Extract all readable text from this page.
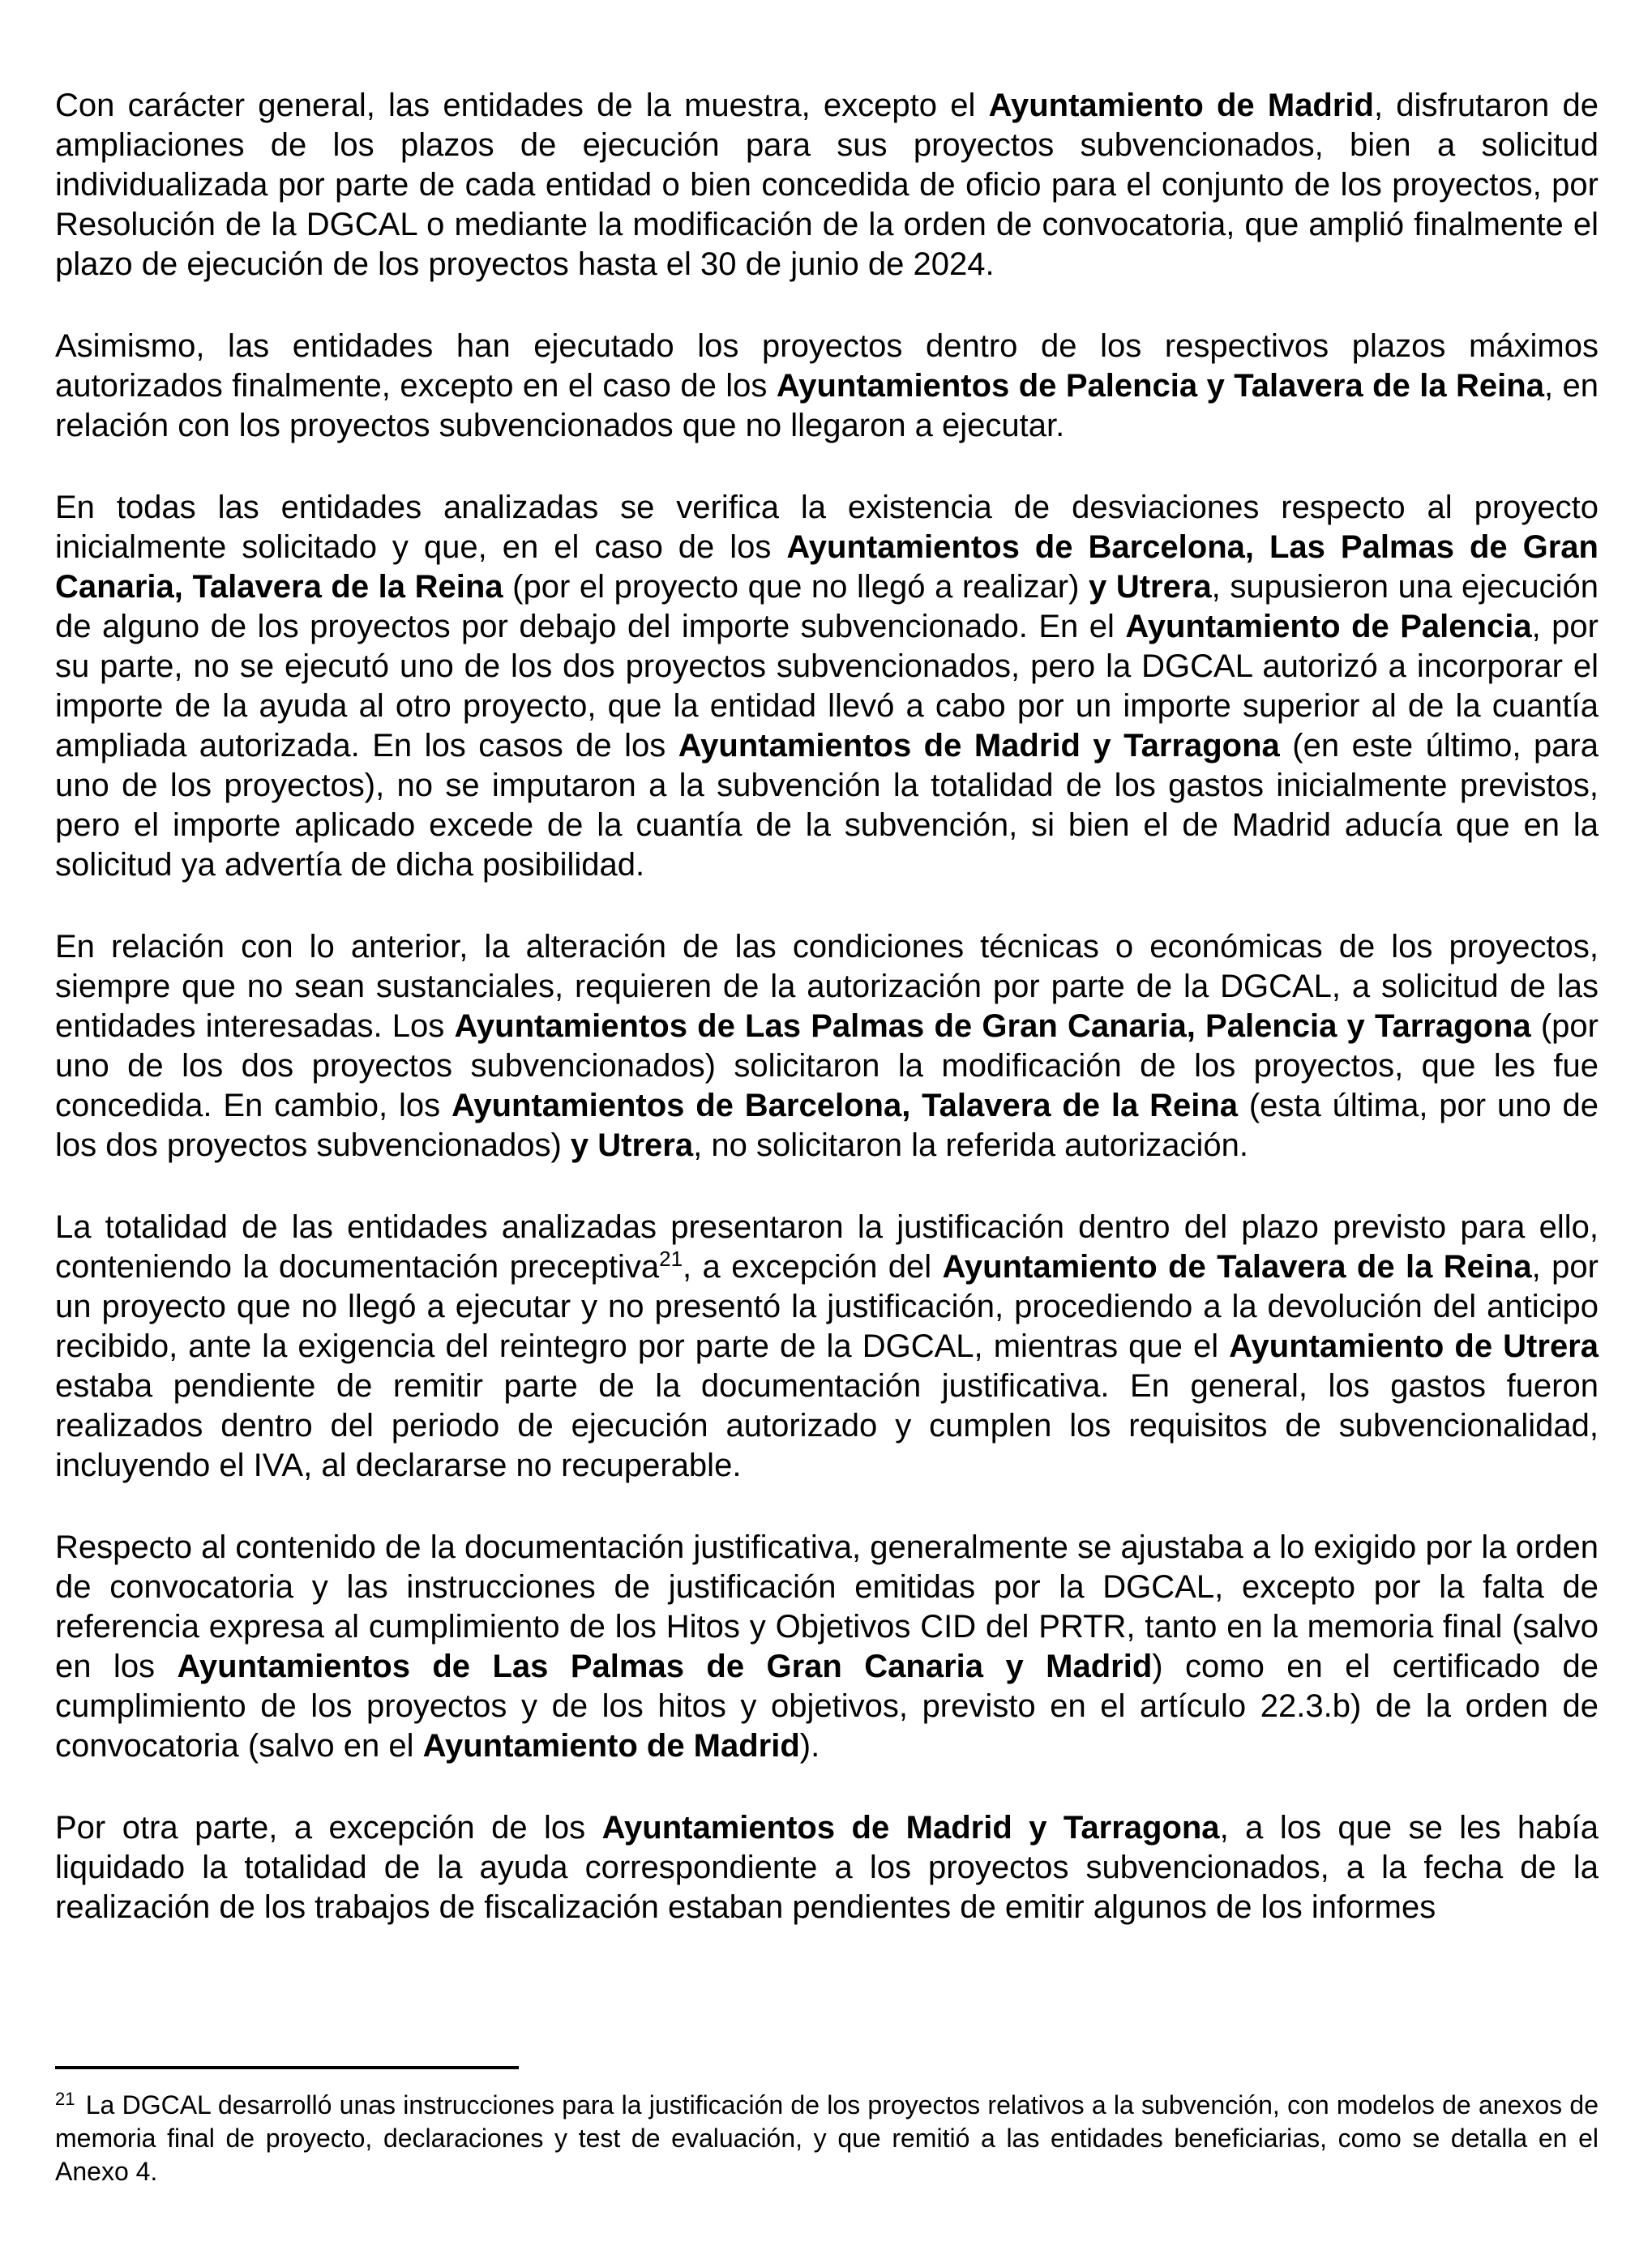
Con carácter general, las entidades de la muestra, excepto el Ayuntamiento de Madrid, disfrutaron de ampliaciones de los plazos de ejecución para sus proyectos subvencionados, bien a solicitud individualizada por parte de cada entidad o bien concedida de oficio para el conjunto de los proyectos, por Resolución de la DGCAL o mediante la modificación de la orden de convocatoria, que amplió finalmente el plazo de ejecución de los proyectos hasta el 30 de junio de 2024.

Asimismo, las entidades han ejecutado los proyectos dentro de los respectivos plazos máximos autorizados finalmente, excepto en el caso de los Ayuntamientos de Palencia y Talavera de la Reina, en relación con los proyectos subvencionados que no llegaron a ejecutar.

En todas las entidades analizadas se verifica la existencia de desviaciones respecto al proyecto inicialmente solicitado y que, en el caso de los Ayuntamientos de Barcelona, Las Palmas de Gran Canaria, Talavera de la Reina (por el proyecto que no llegó a realizar) y Utrera, supusieron una ejecución de alguno de los proyectos por debajo del importe subvencionado. En el Ayuntamiento de Palencia, por su parte, no se ejecutó uno de los dos proyectos subvencionados, pero la DGCAL autorizó a incorporar el importe de la ayuda al otro proyecto, que la entidad llevó a cabo por un importe superior al de la cuantía ampliada autorizada. En los casos de los Ayuntamientos de Madrid y Tarragona (en este último, para uno de los proyectos), no se imputaron a la subvención la totalidad de los gastos inicialmente previstos, pero el importe aplicado excede de la cuantía de la subvención, si bien el de Madrid aducía que en la solicitud ya advertía de dicha posibilidad.

En relación con lo anterior, la alteración de las condiciones técnicas o económicas de los proyectos, siempre que no sean sustanciales, requieren de la autorización por parte de la DGCAL, a solicitud de las entidades interesadas. Los Ayuntamientos de Las Palmas de Gran Canaria, Palencia y Tarragona (por uno de los dos proyectos subvencionados) solicitaron la modificación de los proyectos, que les fue concedida. En cambio, los Ayuntamientos de Barcelona, Talavera de la Reina (esta última, por uno de los dos proyectos subvencionados) y Utrera, no solicitaron la referida autorización.

La totalidad de las entidades analizadas presentaron la justificación dentro del plazo previsto para ello, conteniendo la documentación preceptiva$^{21}$, a excepción del Ayuntamiento de Talavera de la Reina, por un proyecto que no llegó a ejecutar y no presentó la justificación, procediendo a la devolución del anticipo recibido, ante la exigencia del reintegro por parte de la DGCAL, mientras que el Ayuntamiento de Utrera estaba pendiente de remitir parte de la documentación justificativa. En general, los gastos fueron realizados dentro del periodo de ejecución autorizado y cumplen los requisitos de subvencionalidad, incluyendo el IVA, al declararse no recuperable.

Respecto al contenido de la documentación justificativa, generalmente se ajustaba a lo exigido por la orden de convocatoria y las instrucciones de justificación emitidas por la DGCAL, excepto por la falta de referencia expresa al cumplimiento de los Hitos y Objetivos CID del PRTR, tanto en la memoria final (salvo en los Ayuntamientos de Las Palmas de Gran Canaria y Madrid) como en el certificado de cumplimiento de los proyectos y de los hitos y objetivos, previsto en el artículo 22.3.b) de la orden de convocatoria (salvo en el Ayuntamiento de Madrid).

Por otra parte, a excepción de los Ayuntamientos de Madrid y Tarragona, a los que se les había liquidado la totalidad de la ayuda correspondiente a los proyectos subvencionados, a la fecha de la realización de los trabajos de fiscalización estaban pendientes de emitir algunos de los informes

$^{21}$ La DGCAL desarrolló unas instrucciones para la justificación de los proyectos relativos a la subvención, con modelos de anexos de memoria final de proyecto, declaraciones y test de evaluación, y que remitió a las entidades beneficiarias, como se detalla en el Anexo 4.
